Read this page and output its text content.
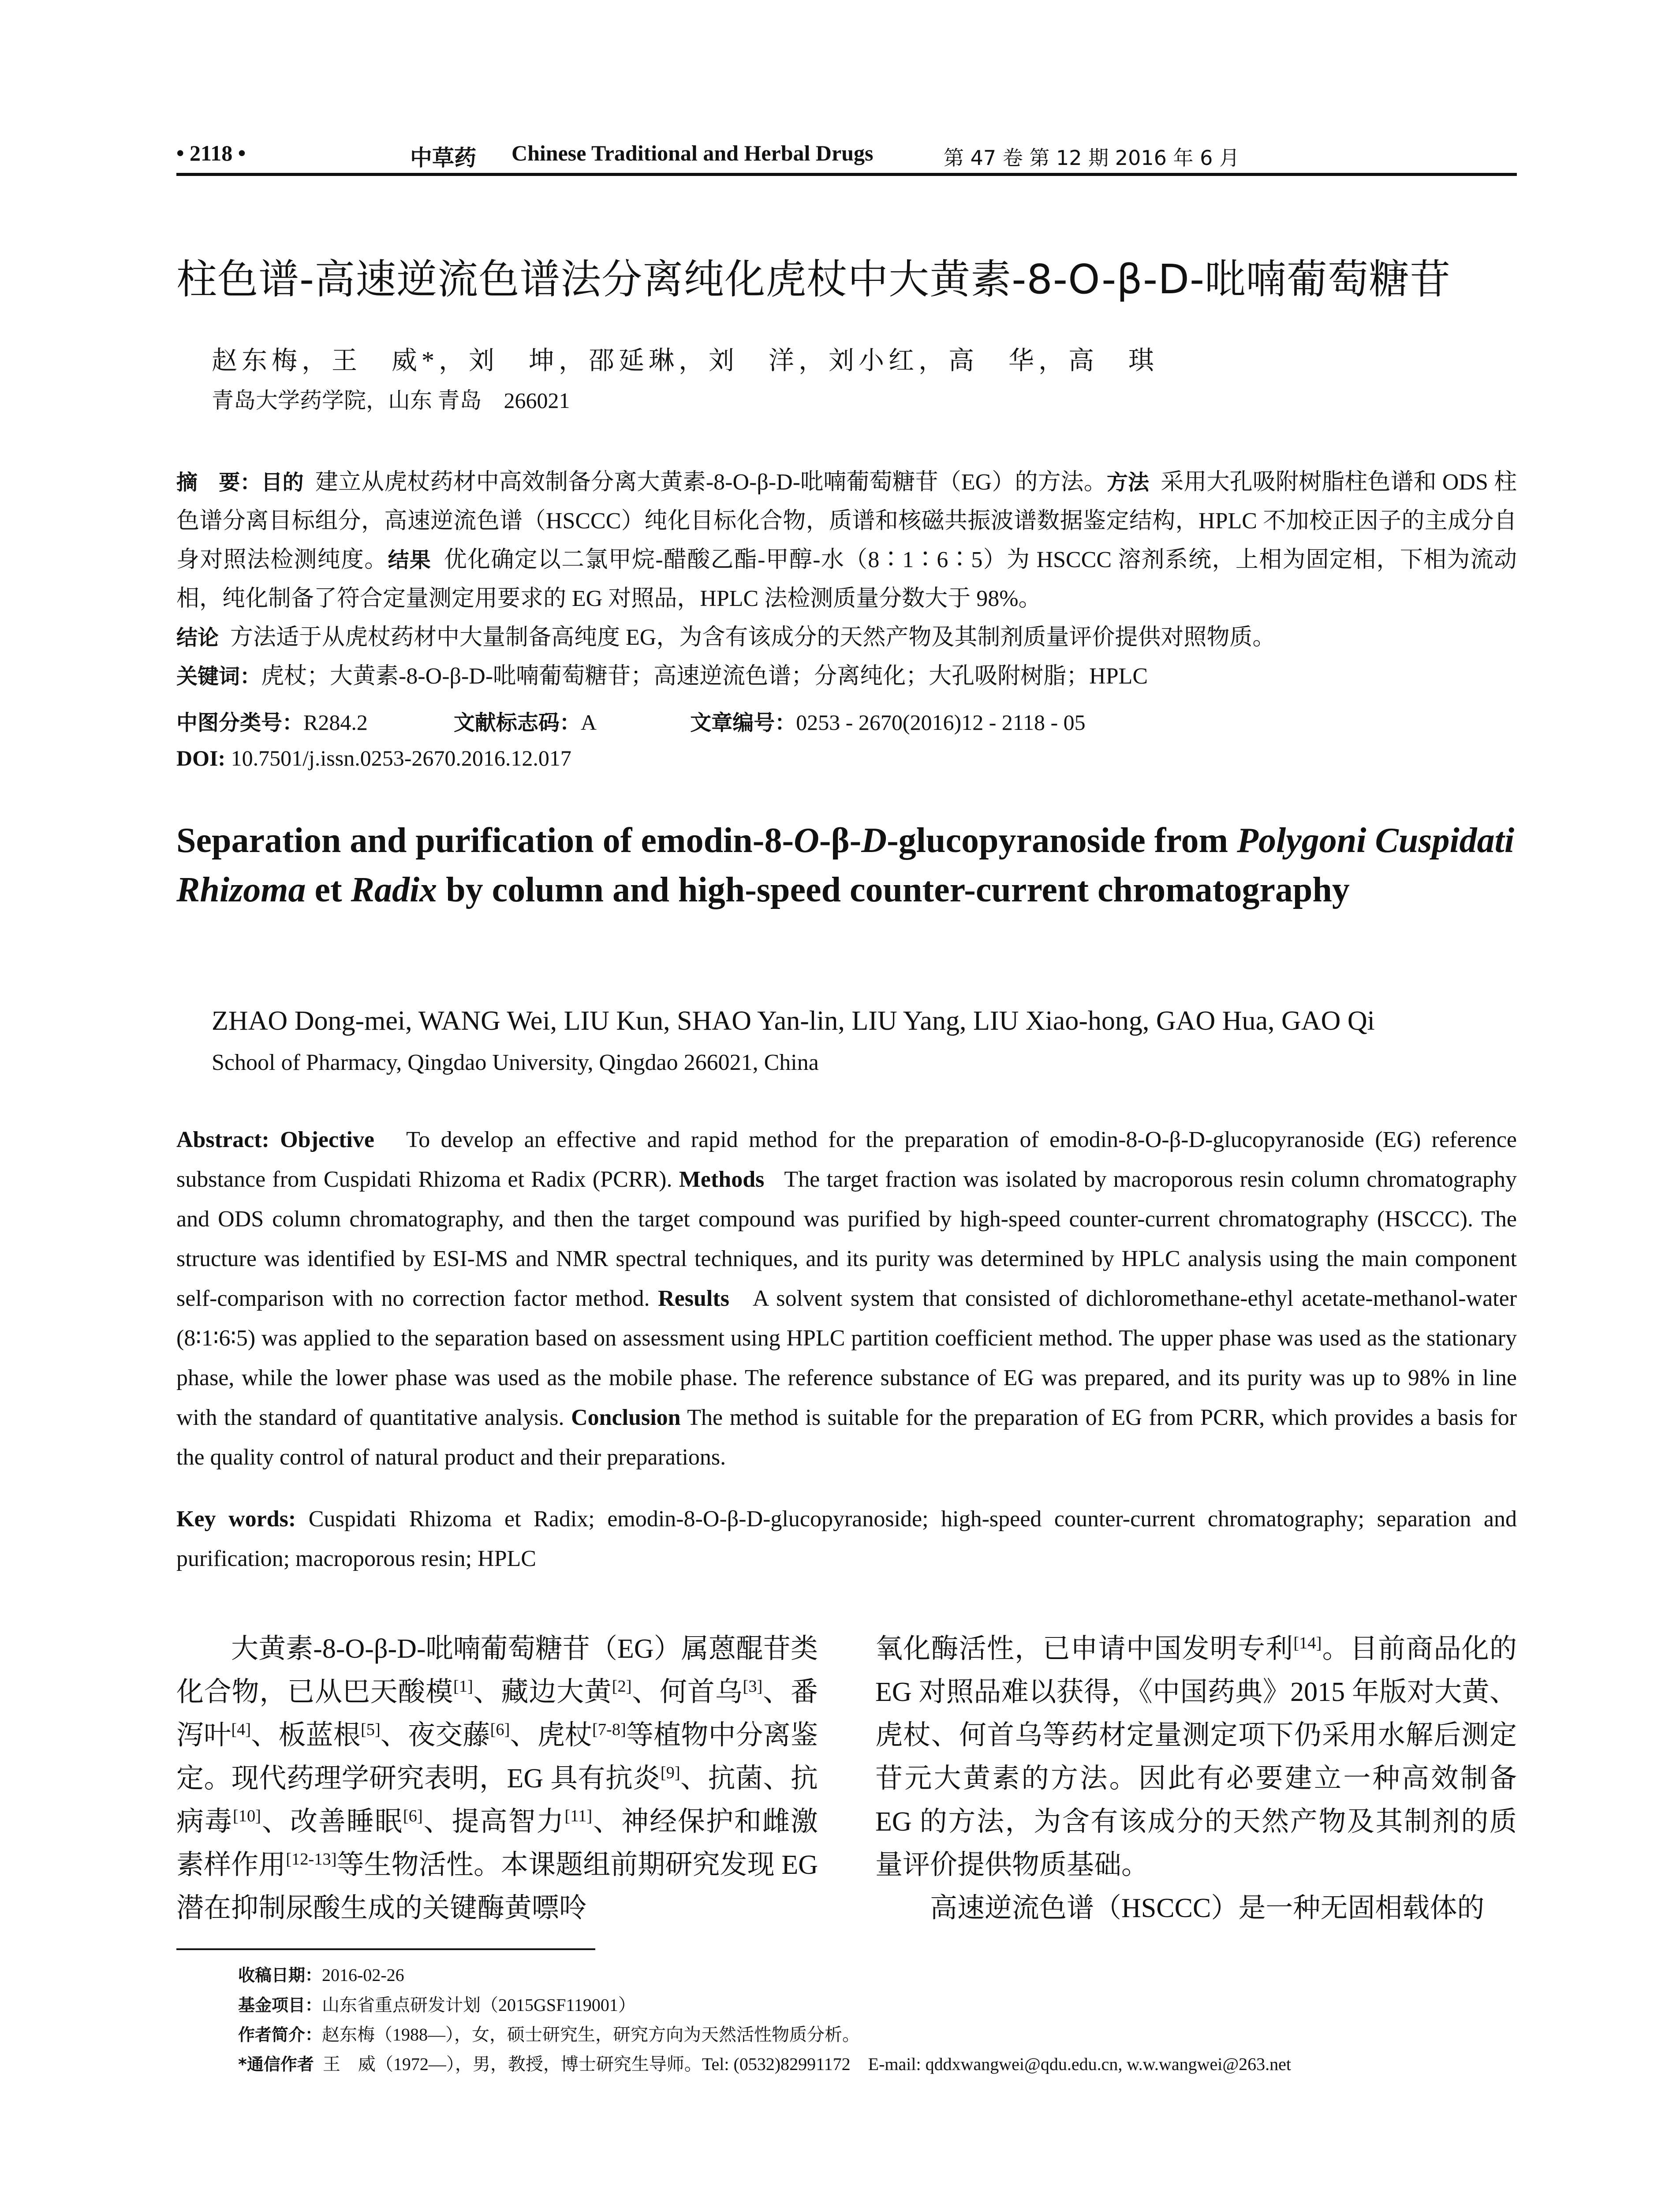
• 2118 •	中草药 Chinese Traditional and Herbal Drugs	第 47 卷 第 12 期 2016 年 6 月
柱色谱-高速逆流色谱法分离纯化虎杖中大黄素-8-O-β-D-吡喃葡萄糖苷
赵东梅，王　威*，刘　坤，邵延琳，刘　洋，刘小红，高　华，高　琪
青岛大学药学院，山东 青岛　266021
摘　要：目的 建立从虎杖药材中高效制备分离大黄素-8-O-β-D-吡喃葡萄糖苷（EG）的方法。方法 采用大孔吸附树脂柱色谱和 ODS 柱色谱分离目标组分，高速逆流色谱（HSCCC）纯化目标化合物，质谱和核磁共振波谱数据鉴定结构，HPLC 不加校正因子的主成分自身对照法检测纯度。结果 优化确定以二氯甲烷-醋酸乙酯-甲醇-水（8∶1∶6∶5）为 HSCCC 溶剂系统，上相为固定相，下相为流动相，纯化制备了符合定量测定用要求的 EG 对照品，HPLC 法检测质量分数大于 98%。
结论 方法适于从虎杖药材中大量制备高纯度 EG，为含有该成分的天然产物及其制剂质量评价提供对照物质。
关键词：虎杖；大黄素-8-O-β-D-吡喃葡萄糖苷；高速逆流色谱；分离纯化；大孔吸附树脂；HPLC
中图分类号：R284.2	文献标志码：A	文章编号：0253 - 2670(2016)12 - 2118 - 05
DOI: 10.7501/j.issn.0253-2670.2016.12.017
Separation and purification of emodin-8-O-β-D-glucopyranoside from Polygoni Cuspidati Rhizoma et Radix by column and high-speed counter-current chromatography
ZHAO Dong-mei, WANG Wei, LIU Kun, SHAO Yan-lin, LIU Yang, LIU Xiao-hong, GAO Hua, GAO Qi
School of Pharmacy, Qingdao University, Qingdao 266021, China
Abstract: Objective To develop an effective and rapid method for the preparation of emodin-8-O-β-D-glucopyranoside (EG) reference substance from Cuspidati Rhizoma et Radix (PCRR). Methods The target fraction was isolated by macroporous resin column chromatography and ODS column chromatography, and then the target compound was purified by high-speed counter-current chromatography (HSCCC). The structure was identified by ESI-MS and NMR spectral techniques, and its purity was determined by HPLC analysis using the main component self-comparison with no correction factor method. Results A solvent system that consisted of dichloromethane-ethyl acetate-methanol-water (8∶1∶6∶5) was applied to the separation based on assessment using HPLC partition coefficient method. The upper phase was used as the stationary phase, while the lower phase was used as the mobile phase. The reference substance of EG was prepared, and its purity was up to 98% in line with the standard of quantitative analysis. Conclusion The method is suitable for the preparation of EG from PCRR, which provides a basis for the quality control of natural product and their preparations.
Key words: Cuspidati Rhizoma et Radix; emodin-8-O-β-D-glucopyranoside; high-speed counter-current chromatography; separation and purification; macroporous resin; HPLC
大黄素-8-O-β-D-吡喃葡萄糖苷（EG）属蒽醌苷类化合物，已从巴天酸模[1]、藏边大黄[2]、何首乌[3]、番泻叶[4]、板蓝根[5]、夜交藤[6]、虎杖[7-8]等植物中分离鉴定。现代药理学研究表明，EG 具有抗炎[9]、抗菌、抗病毒[10]、改善睡眠[6]、提高智力[11]、神经保护和雌激素样作用[12-13]等生物活性。本课题组前期研究发现 EG 潜在抑制尿酸生成的关键酶黄嘌呤
氧化酶活性，已申请中国发明专利[14]。目前商品化的 EG 对照品难以获得，《中国药典》2015 年版对大黄、虎杖、何首乌等药材定量测定项下仍采用水解后测定苷元大黄素的方法。因此有必要建立一种高效制备 EG 的方法，为含有该成分的天然产物及其制剂的质量评价提供物质基础。
高速逆流色谱（HSCCC）是一种无固相载体的
收稿日期：2016-02-26
基金项目：山东省重点研发计划（2015GSF119001）
作者简介：赵东梅（1988—），女，硕士研究生，研究方向为天然活性物质分析。
*通信作者 王　威（1972—），男，教授，博士研究生导师。Tel: (0532)82991172　E-mail: qddxwangwei@qdu.edu.cn, w.w.wangwei@263.net
